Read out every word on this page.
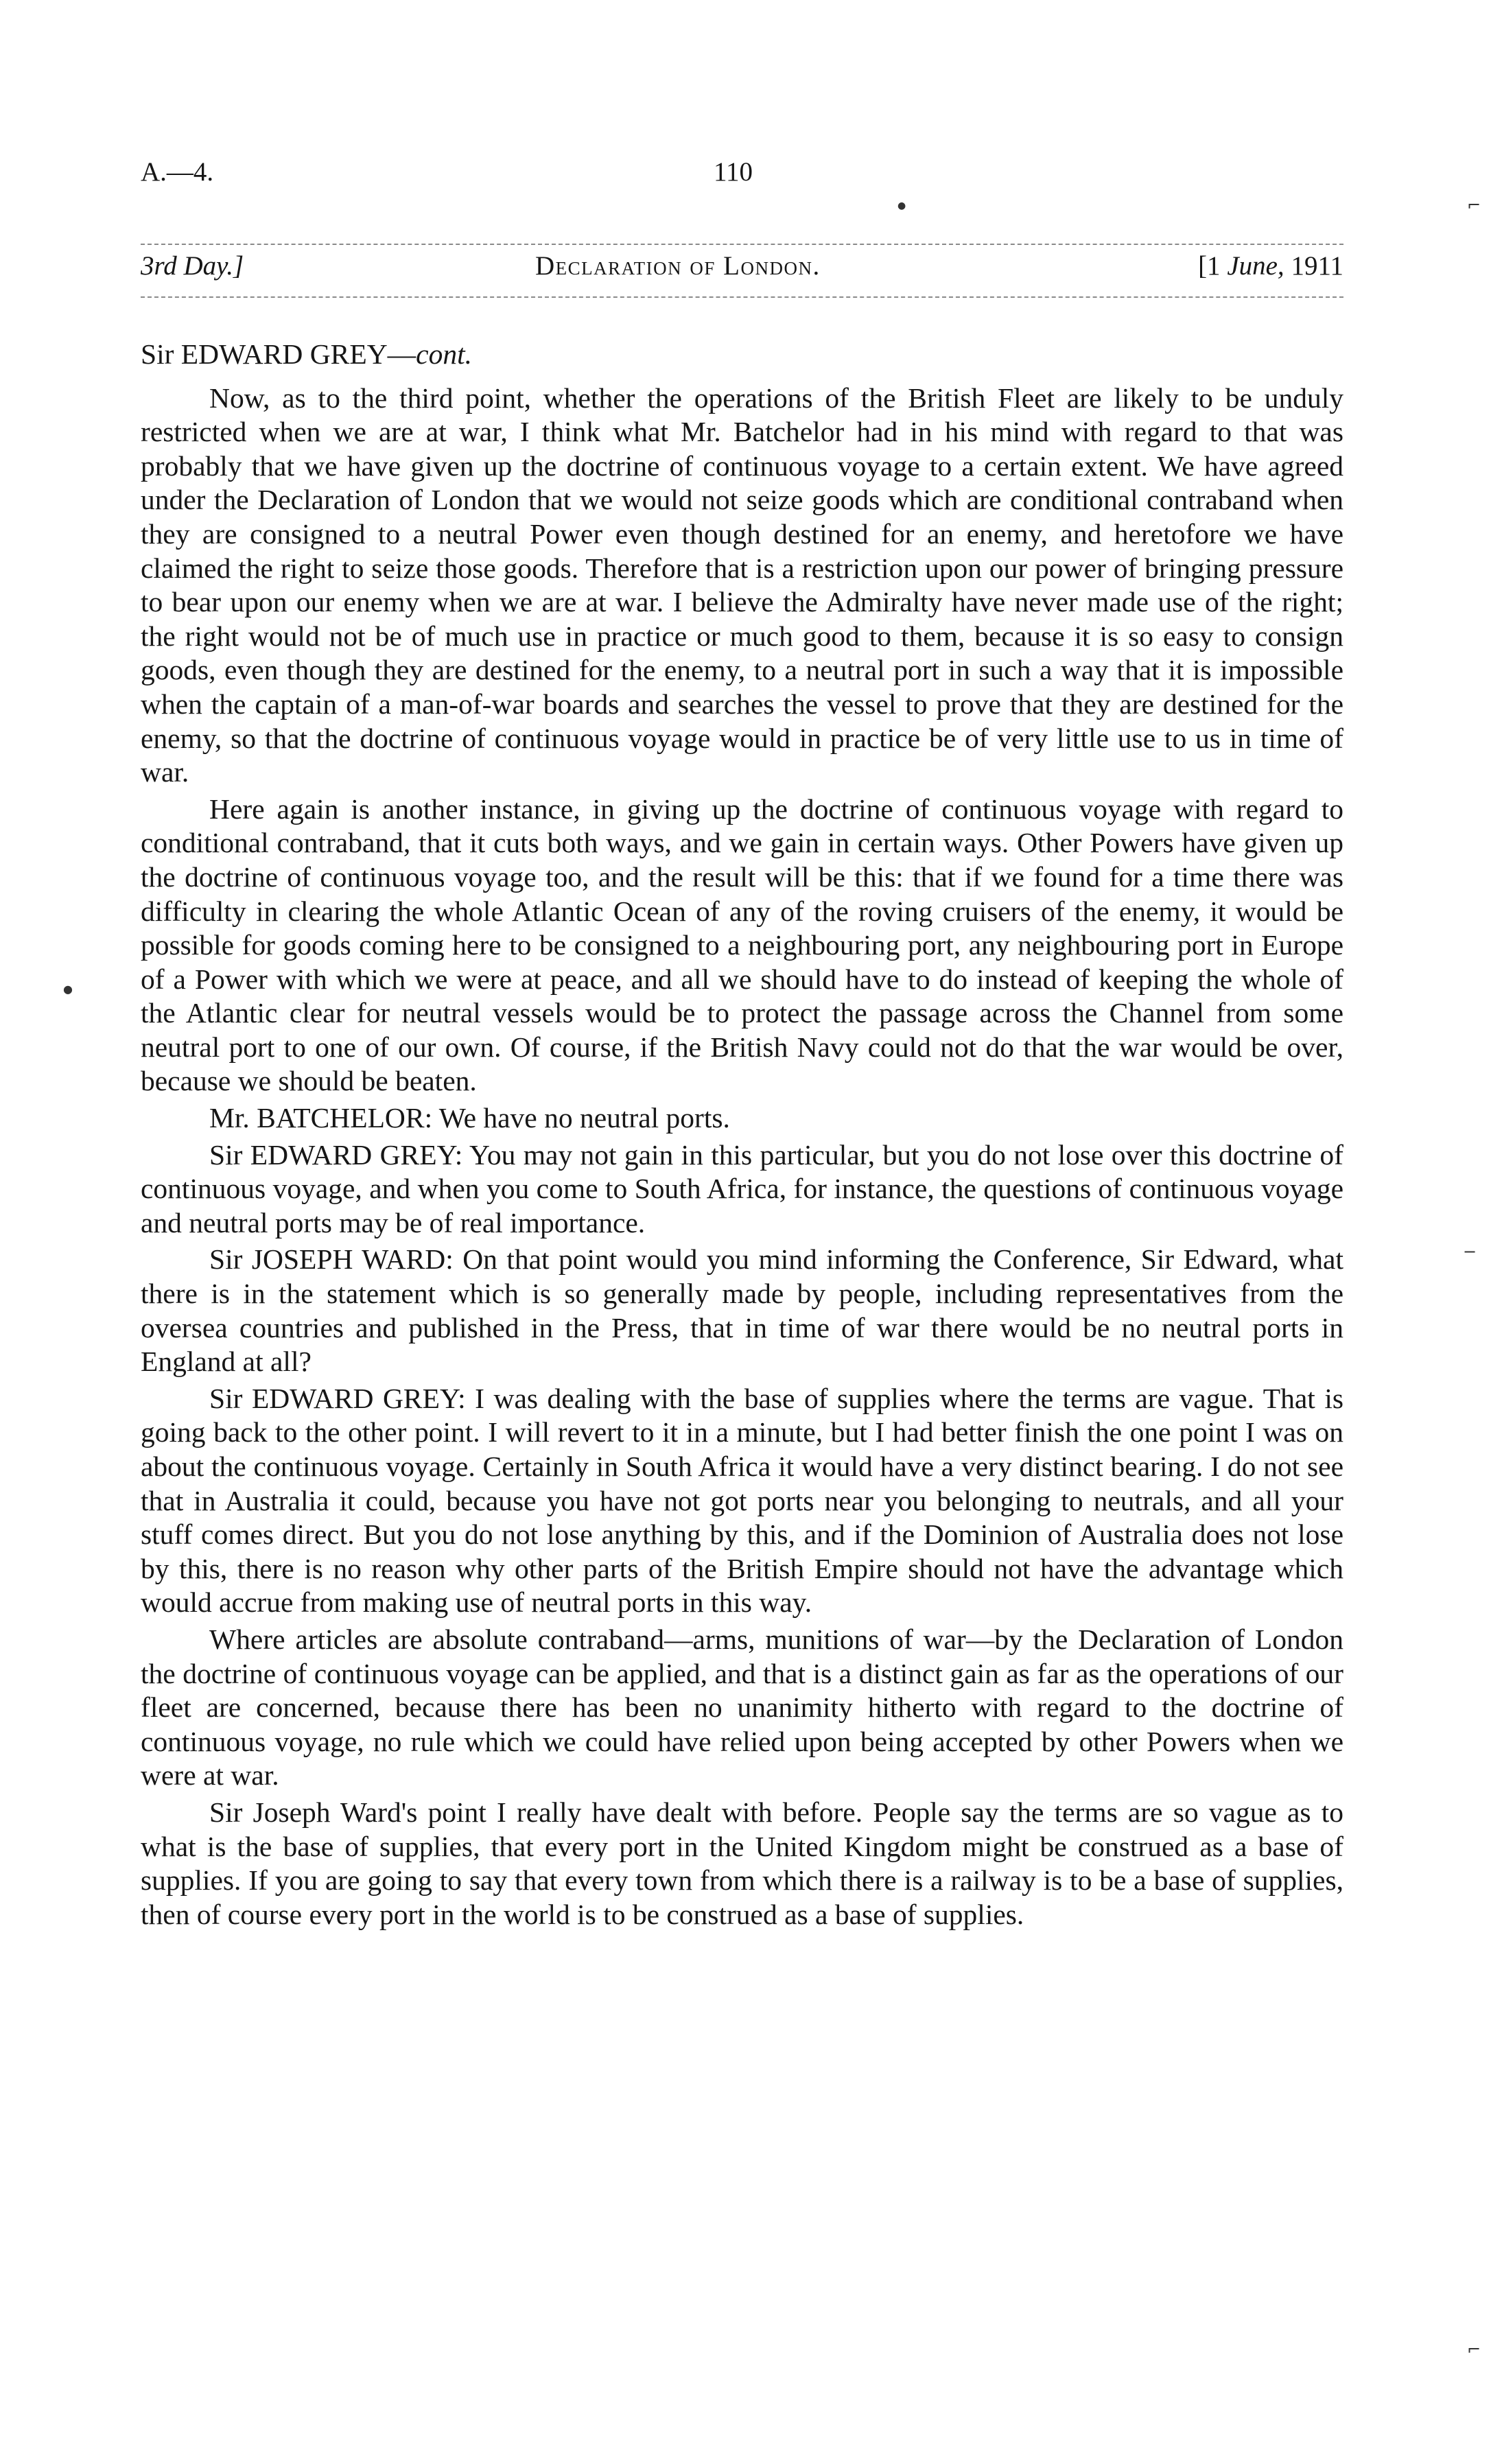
A.—4.	110
3rd Day.]	Declaration of London.	[1 June, 1911

Sir EDWARD GREY—cont.

Now, as to the third point, whether the operations of the British Fleet are likely to be unduly restricted when we are at war, I think what Mr. Batchelor had in his mind with regard to that was probably that we have given up the doctrine of continuous voyage to a certain extent. We have agreed under the Declaration of London that we would not seize goods which are conditional contraband when they are consigned to a neutral Power even though destined for an enemy, and heretofore we have claimed the right to seize those goods. Therefore that is a restriction upon our power of bringing pressure to bear upon our enemy when we are at war. I believe the Admiralty have never made use of the right; the right would not be of much use in practice or much good to them, because it is so easy to consign goods, even though they are destined for the enemy, to a neutral port in such a way that it is impossible when the captain of a man-of-war boards and searches the vessel to prove that they are destined for the enemy, so that the doctrine of continuous voyage would in practice be of very little use to us in time of war.

Here again is another instance, in giving up the doctrine of continuous voyage with regard to conditional contraband, that it cuts both ways, and we gain in certain ways. Other Powers have given up the doctrine of continuous voyage too, and the result will be this: that if we found for a time there was difficulty in clearing the whole Atlantic Ocean of any of the roving cruisers of the enemy, it would be possible for goods coming here to be consigned to a neighbouring port, any neighbouring port in Europe of a Power with which we were at peace, and all we should have to do instead of keeping the whole of the Atlantic clear for neutral vessels would be to protect the passage across the Channel from some neutral port to one of our own. Of course, if the British Navy could not do that the war would be over, because we should be beaten.

Mr. BATCHELOR: We have no neutral ports.

Sir EDWARD GREY: You may not gain in this particular, but you do not lose over this doctrine of continuous voyage, and when you come to South Africa, for instance, the questions of continuous voyage and neutral ports may be of real importance.

Sir JOSEPH WARD: On that point would you mind informing the Conference, Sir Edward, what there is in the statement which is so generally made by people, including representatives from the oversea countries and published in the Press, that in time of war there would be no neutral ports in England at all?

Sir EDWARD GREY: I was dealing with the base of supplies where the terms are vague. That is going back to the other point. I will revert to it in a minute, but I had better finish the one point I was on about the continuous voyage. Certainly in South Africa it would have a very distinct bearing. I do not see that in Australia it could, because you have not got ports near you belonging to neutrals, and all your stuff comes direct. But you do not lose anything by this, and if the Dominion of Australia does not lose by this, there is no reason why other parts of the British Empire should not have the advantage which would accrue from making use of neutral ports in this way.

Where articles are absolute contraband—arms, munitions of war—by the Declaration of London the doctrine of continuous voyage can be applied, and that is a distinct gain as far as the operations of our fleet are concerned, because there has been no unanimity hitherto with regard to the doctrine of continuous voyage, no rule which we could have relied upon being accepted by other Powers when we were at war.

Sir Joseph Ward's point I really have dealt with before. People say the terms are so vague as to what is the base of supplies, that every port in the United Kingdom might be construed as a base of supplies. If you are going to say that every town from which there is a railway is to be a base of supplies, then of course every port in the world is to be construed as a base of supplies.

●	⌐
●
−
⌐
